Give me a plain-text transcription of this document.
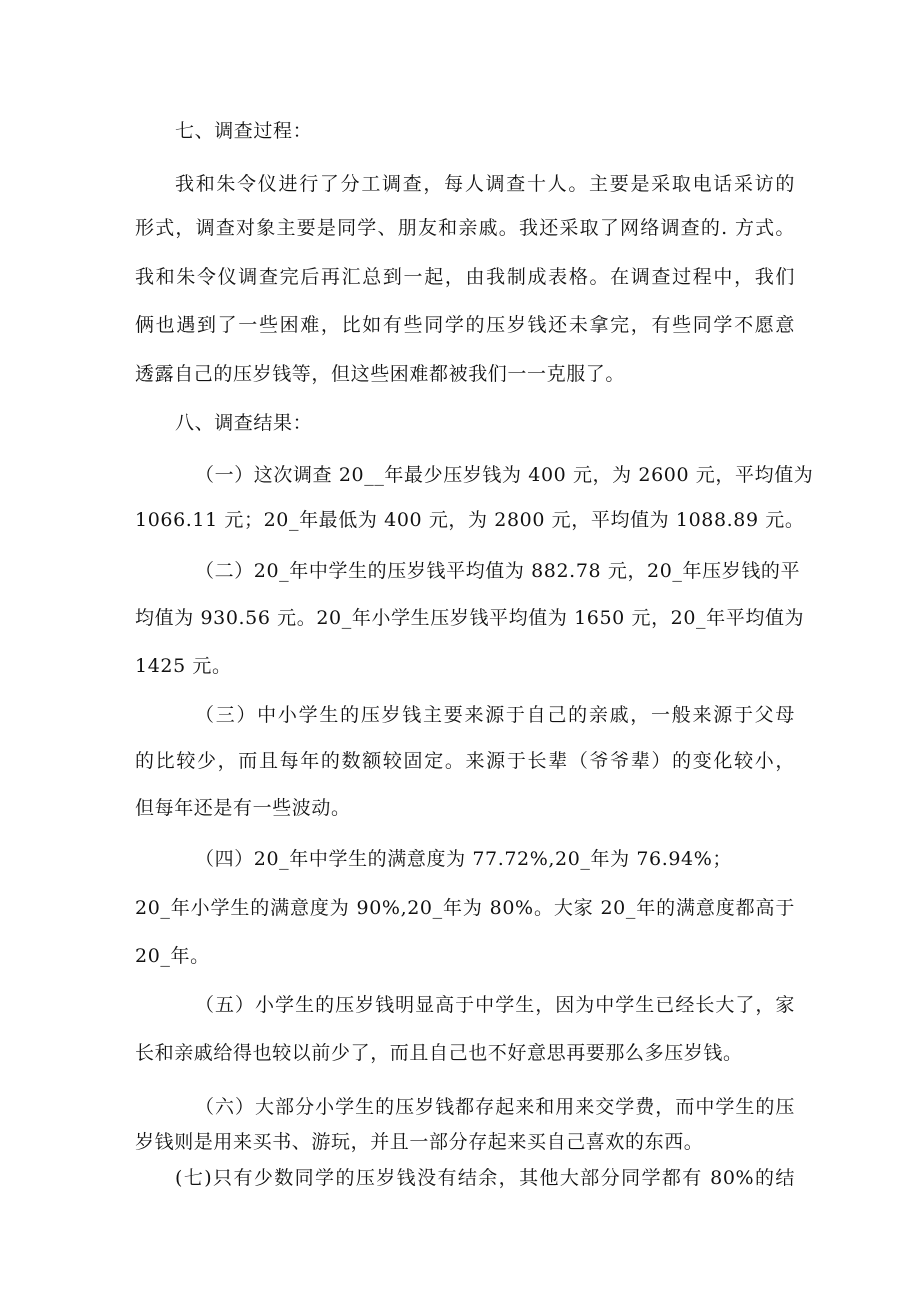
七、调查过程：
我和朱令仪进行了分工调查，每人调查十人。主要是采取电话采访的
形式，调查对象主要是同学、朋友和亲戚。我还采取了网络调查的. 方式。
我和朱令仪调查完后再汇总到一起，由我制成表格。在调查过程中，我们
俩也遇到了一些困难，比如有些同学的压岁钱还未拿完，有些同学不愿意
透露自己的压岁钱等，但这些困难都被我们一一克服了。
八、调查结果：
（一）这次调查 20__年最少压岁钱为 400 元，为 2600 元，平均值为
1066.11 元；20_年最低为 400 元，为 2800 元，平均值为 1088.89 元。
（二）20_年中学生的压岁钱平均值为 882.78 元，20_年压岁钱的平
均值为 930.56 元。20_年小学生压岁钱平均值为 1650 元，20_年平均值为
1425 元。
（三）中小学生的压岁钱主要来源于自己的亲戚，一般来源于父母
的比较少，而且每年的数额较固定。来源于长辈（爷爷辈）的变化较小，
但每年还是有一些波动。
（四）20_年中学生的满意度为 77.72%,20_年为 76.94%；
20_年小学生的满意度为 90%,20_年为 80%。大家 20_年的满意度都高于
20_年。
（五）小学生的压岁钱明显高于中学生，因为中学生已经长大了，家
长和亲戚给得也较以前少了，而且自己也不好意思再要那么多压岁钱。
（六）大部分小学生的压岁钱都存起来和用来交学费，而中学生的压
岁钱则是用来买书、游玩，并且一部分存起来买自己喜欢的东西。
(七)只有少数同学的压岁钱没有结余，其他大部分同学都有 80%的结
